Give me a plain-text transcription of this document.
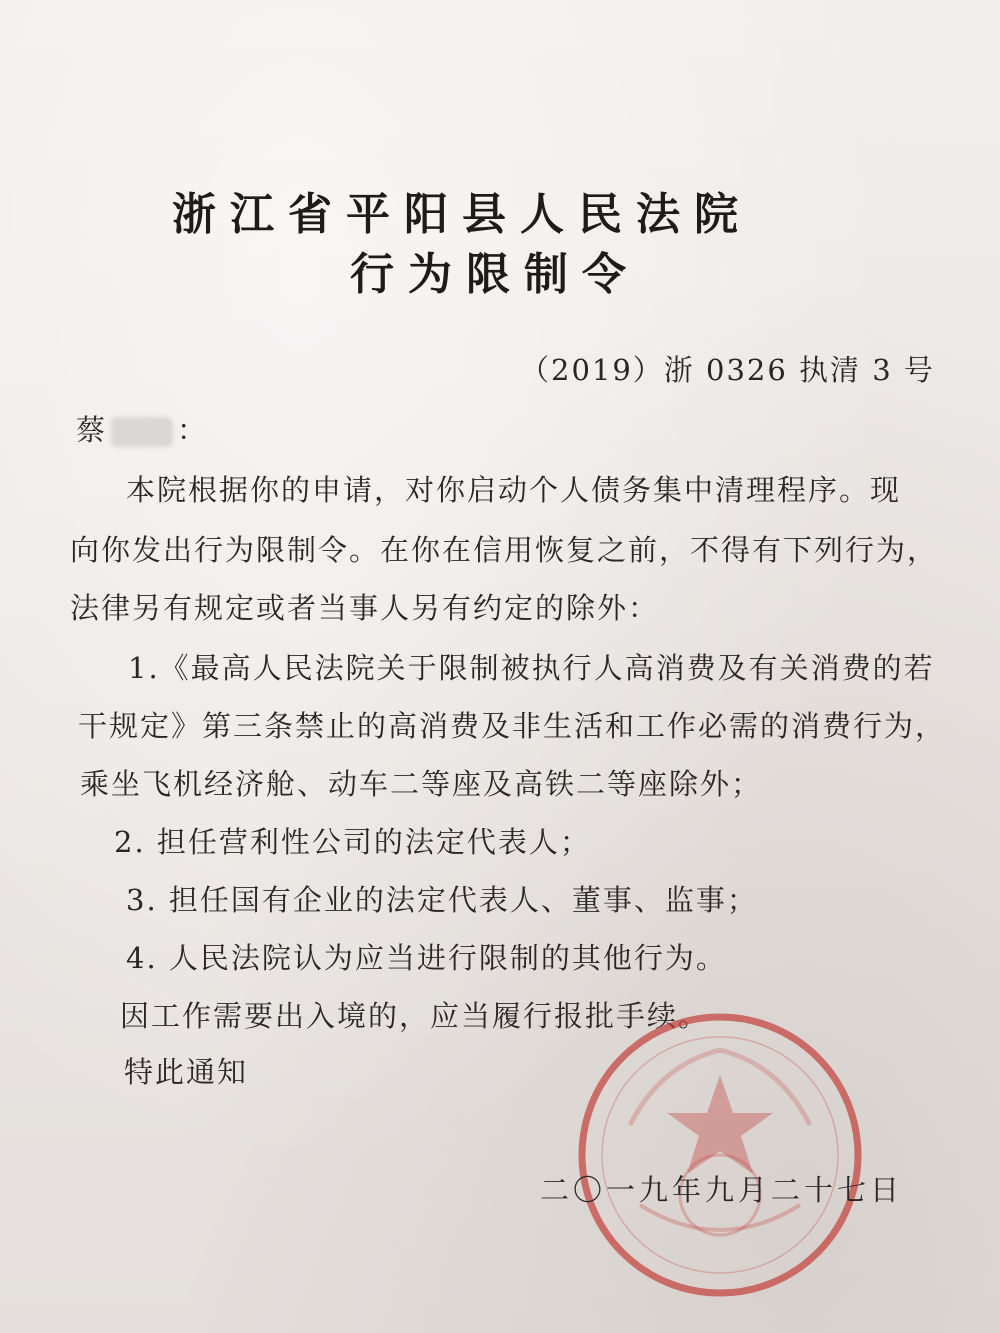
浙江省平阳县人民法院
行为限制令
（2019）浙 0326 执清 3 号
蔡 ：
本院根据你的申请，对你启动个人债务集中清理程序。现
向你发出行为限制令。在你在信用恢复之前，不得有下列行为，
法律另有规定或者当事人另有约定的除外：
1.《最高人民法院关于限制被执行人高消费及有关消费的若
干规定》第三条禁止的高消费及非生活和工作必需的消费行为，
乘坐飞机经济舱、动车二等座及高铁二等座除外；
2. 担任营利性公司的法定代表人；
3. 担任国有企业的法定代表人、董事、监事；
4. 人民法院认为应当进行限制的其他行为。
因工作需要出入境的，应当履行报批手续。
特此通知
二〇一九年九月二十七日
